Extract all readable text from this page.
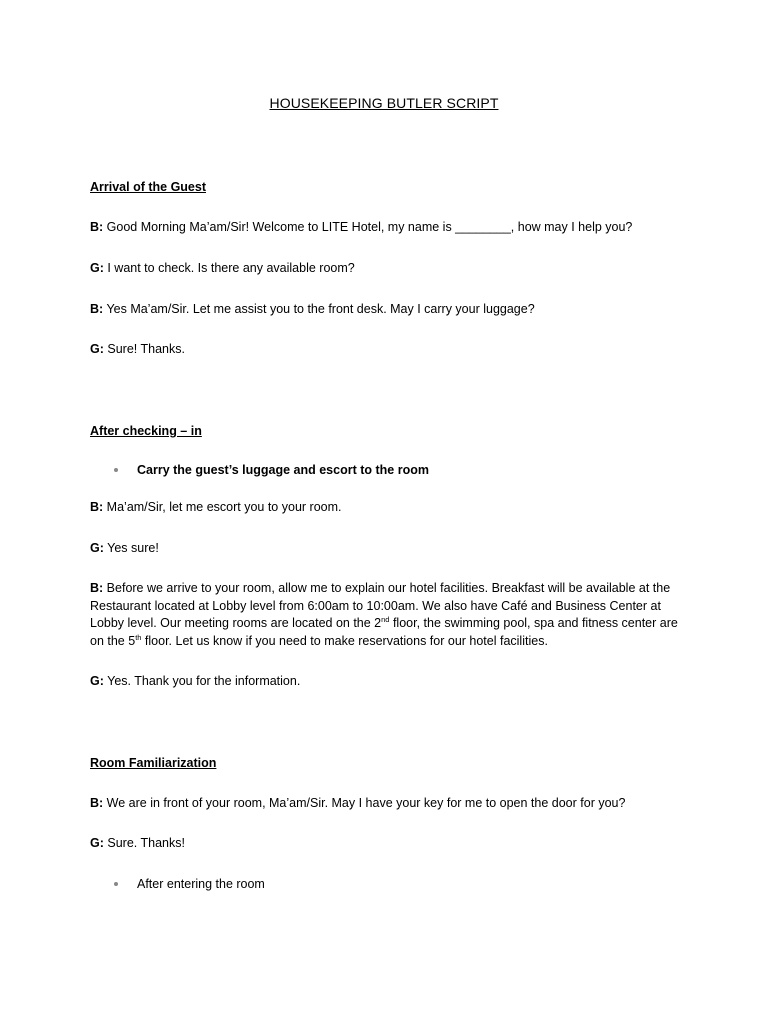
HOUSEKEEPING BUTLER SCRIPT
Arrival of the Guest
B: Good Morning Ma’am/Sir! Welcome to LITE Hotel, my name is ________, how may I help you?
G: I want to check. Is there any available room?
B: Yes Ma’am/Sir. Let me assist you to the front desk. May I carry your luggage?
G: Sure! Thanks.
After checking – in
Carry the guest’s luggage and escort to the room
B: Ma’am/Sir, let me escort you to your room.
G: Yes sure!
B: Before we arrive to your room, allow me to explain our hotel facilities. Breakfast will be available at the Restaurant located at Lobby level from 6:00am to 10:00am. We also have Café and Business Center at Lobby level. Our meeting rooms are located on the 2nd floor, the swimming pool, spa and fitness center are on the 5th floor. Let us know if you need to make reservations for our hotel facilities.
G: Yes. Thank you for the information.
Room Familiarization
B: We are in front of your room, Ma’am/Sir. May I have your key for me to open the door for you?
G: Sure. Thanks!
After entering the room
